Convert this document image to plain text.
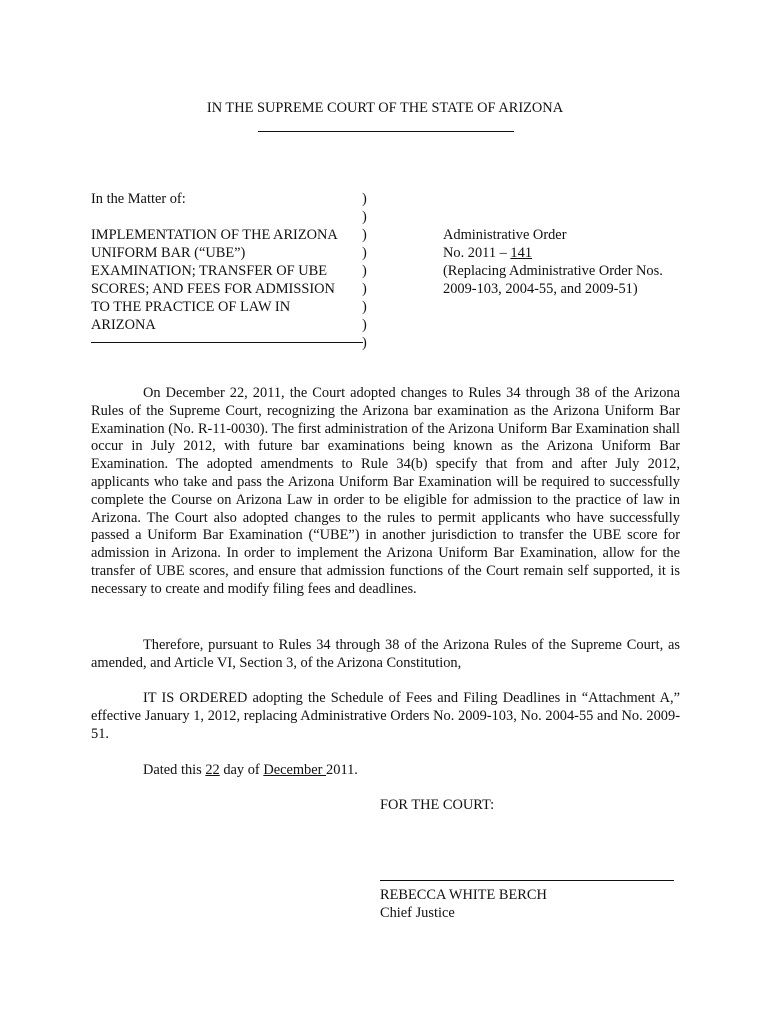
IN THE SUPREME COURT OF THE STATE OF ARIZONA
In the Matter of:
IMPLEMENTATION OF THE ARIZONA
UNIFORM BAR (“UBE”)
EXAMINATION; TRANSFER OF UBE
SCORES; AND FEES FOR ADMISSION
TO THE PRACTICE OF LAW IN
ARIZONA
)
)
)
)
)
)
)
)
)
Administrative Order
No. 2011 – 141
(Replacing Administrative Order Nos.
2009-103, 2004-55, and 2009-51)

On December 22, 2011, the Court adopted changes to Rules 34 through 38 of the Arizona Rules of the Supreme Court, recognizing the Arizona bar examination as the Arizona Uniform Bar Examination (No. R-11-0030). The first administration of the Arizona Uniform Bar Examination shall occur in July 2012, with future bar examinations being known as the Arizona Uniform Bar Examination. The adopted amendments to Rule 34(b) specify that from and after July 2012, applicants who take and pass the Arizona Uniform Bar Examination will be required to successfully complete the Course on Arizona Law in order to be eligible for admission to the practice of law in Arizona. The Court also adopted changes to the rules to permit applicants who have successfully passed a Uniform Bar Examination (“UBE”) in another jurisdiction to transfer the UBE score for admission in Arizona. In order to implement the Arizona Uniform Bar Examination, allow for the transfer of UBE scores, and ensure that admission functions of the Court remain self supported, it is necessary to create and modify filing fees and deadlines.

Therefore, pursuant to Rules 34 through 38 of the Arizona Rules of the Supreme Court, as amended, and Article VI, Section 3, of the Arizona Constitution,

IT IS ORDERED adopting the Schedule of Fees and Filing Deadlines in “Attachment A,” effective January 1, 2012, replacing Administrative Orders No. 2009-103, No. 2004-55 and No. 2009-51.

Dated this 22 day of December 2011.
FOR THE COURT:
REBECCA WHITE BERCH
Chief Justice
